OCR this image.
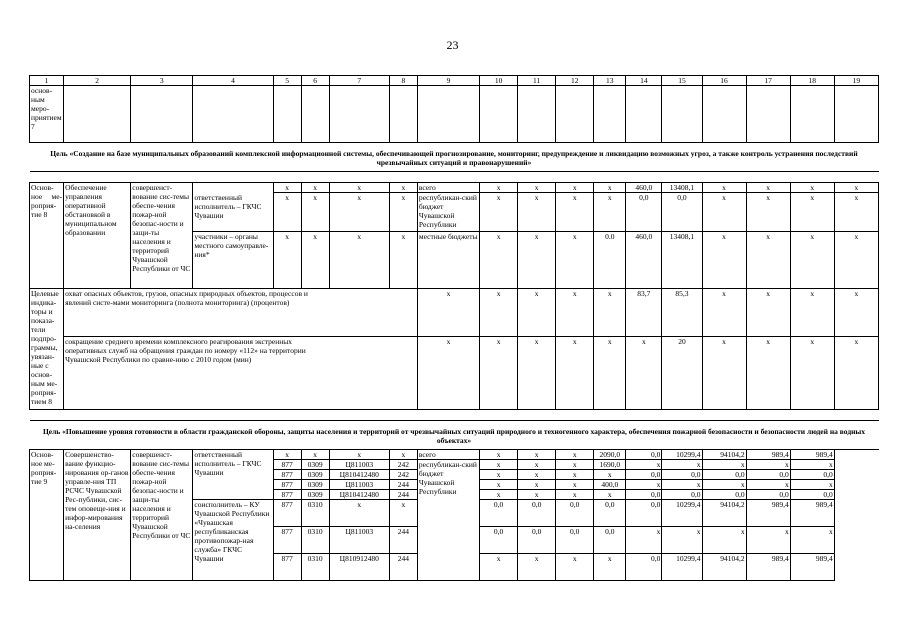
23
1	2	3	4	5	6	7	8	9	10	11	12	13	14	15	16	17	18	19
основ-ным меро-приятием 7																		
Цель «Создание на базе муниципальных образований комплексной информационной системы, обеспечивающей прогнозирование, мониторинг, предупреждение и ликвидацию возможных угроз, а также контроль устранения последствий чрезвычайных ситуаций и правонарушений»																		

Основ-ное ме-роприя-тие 8	Обеспечение управления оперативной обстановкой в муниципальном образовании	совершенст-вование сис-темы обеспе-чения пожар-ной безопас-ности и защи-ты населения и территорий Чувашской Республики от ЧС		x	x	x	x	всего	x	x	x	x	460,0	13408,1	x	x	x	x
			ответственный исполнитель – ГКЧС Чувашии	x	x	x	x	республикан-ский бюджет Чувашской Республики	x	x	x	x	0,0	0,0	x	x	x	x
			участники – органы местного самоуправле-ния*	x	x	x	x	местные бюджеты	x	x	x	0.0	460,0	13408,1	x	x	x	x
Целевые индика-торы и показа-тели подпро-граммы, увязан-ные с основ-ным ме-роприя-тием 8	охват опасных объектов, грузов, опасных природных объектов, процессов и явлений систе-мами мониторинга (полнота мониторинга) (процентов)							x	x	x	x	x	83,7	85,3	x	x	x	x
	сокращение среднего времени комплексного реагирования экстренных оперативных служб на обращения граждан по номеру «112» на территории Чувашской Республики по сравне-нию с 2010 годом (мин)							x	x	x	x	x	x	20	x	x	x	x

Цель «Повышение уровня готовности в области гражданской обороны, защиты населения и территорий от чрезвычайных ситуаций природного и техногенного характера, обеспечения пожарной безопасности и безопасности людей на водных объектах»																		
Основ-ное ме-роприя-тие 9	Совершенство-вание функцио-нирования ор-ганов управле-ния ТП РСЧС Чувашской Рес-публики, сис-тем оповеще-ния и инфор-мирования на-селения	совершенст-вование сис-темы обеспе-чения пожар-ной безопас-ности и защи-ты населения и территорий Чувашской Республики от ЧС	ответственный исполнитель – ГКЧС Чувашии	x	x	x	x	всего	x	x	x	2090,0	0,0	10299,4	94104,2	989,4	989,4	
				877	0309	Ц811003	242	республикан-ский бюджет Чувашской Республики	x	x	x	1690,0	x	x	x	x	x	
				877	0309	Ц810412480	242		x	x	x	x	0,0	0,0	0,0	0,0	0,0	
				877	0309	Ц811003	244		x	x	x	400,0	x	x	x	x	x	
				877	0309	Ц810412480	244		x	x	x	x	0,0	0,0	0,0	0,0	0,0	
			соисполнитель – КУ Чувашской Республики «Чувашская республиканская противопожар-ная служба» ГКЧС Чувашии	877	0310	x	x		0,0	0,0	0,0	0,0	0,0	10299,4	94104,2	989,4	989,4	
				877	0310	Ц811003	244		0,0	0,0	0,0	0,0	x	x	x	x	x	
				877	0310	Ц810912480	244		x	x	x	x	0,0	10299,4	94104,2	989,4	989,4	
